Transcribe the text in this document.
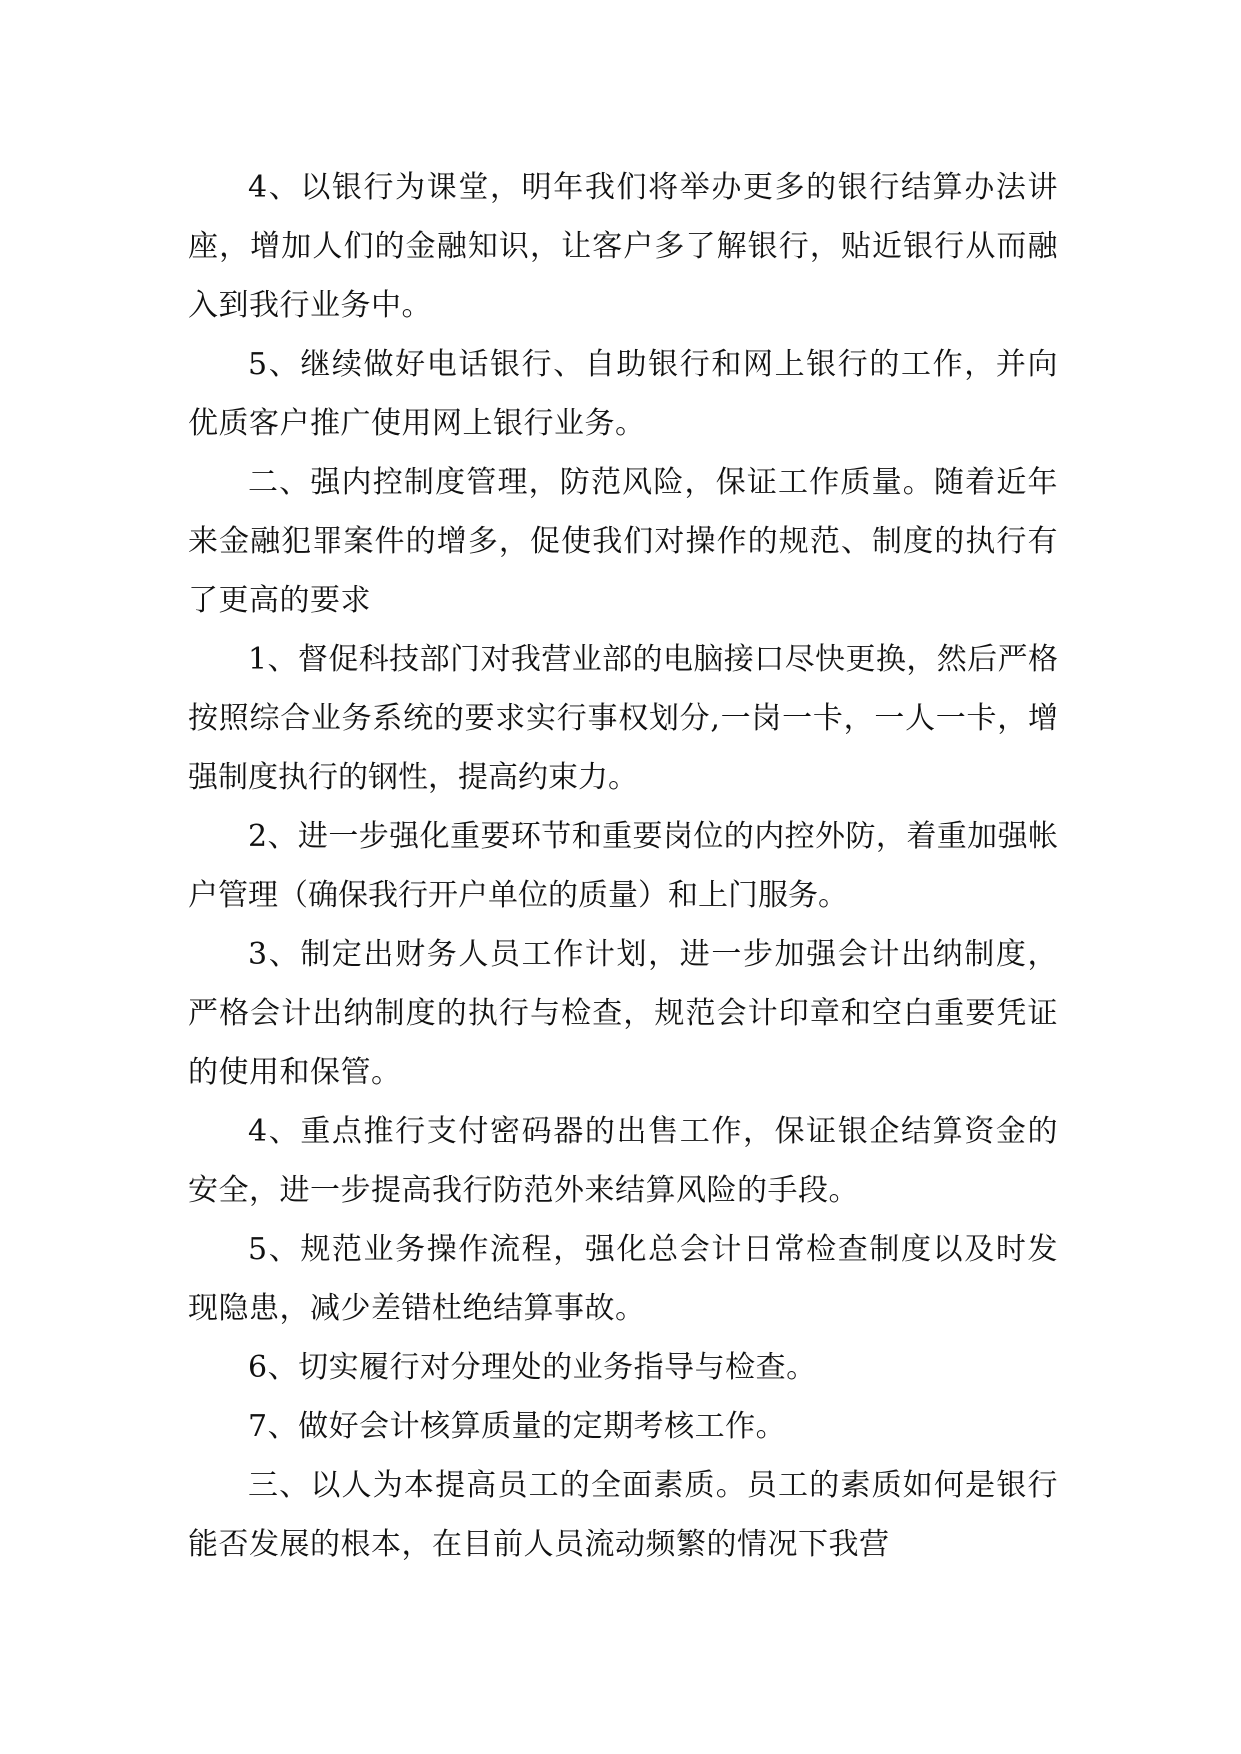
4、以银行为课堂，明年我们将举办更多的银行结算办法讲座，增加人们的金融知识，让客户多了解银行，贴近银行从而融入到我行业务中。

5、继续做好电话银行、自助银行和网上银行的工作，并向优质客户推广使用网上银行业务。

二、强内控制度管理，防范风险，保证工作质量。随着近年来金融犯罪案件的增多，促使我们对操作的规范、制度的执行有了更高的要求

1、督促科技部门对我营业部的电脑接口尽快更换，然后严格按照综合业务系统的要求实行事权划分,一岗一卡，一人一卡，增强制度执行的钢性，提高约束力。

2、进一步强化重要环节和重要岗位的内控外防，着重加强帐户管理（确保我行开户单位的质量）和上门服务。

3、制定出财务人员工作计划，进一步加强会计出纳制度，严格会计出纳制度的执行与检查，规范会计印章和空白重要凭证的使用和保管。

4、重点推行支付密码器的出售工作，保证银企结算资金的安全，进一步提高我行防范外来结算风险的手段。

5、规范业务操作流程，强化总会计日常检查制度以及时发现隐患，减少差错杜绝结算事故。

6、切实履行对分理处的业务指导与检查。

7、做好会计核算质量的定期考核工作。

三、以人为本提高员工的全面素质。员工的素质如何是银行能否发展的根本，在目前人员流动频繁的情况下我营
